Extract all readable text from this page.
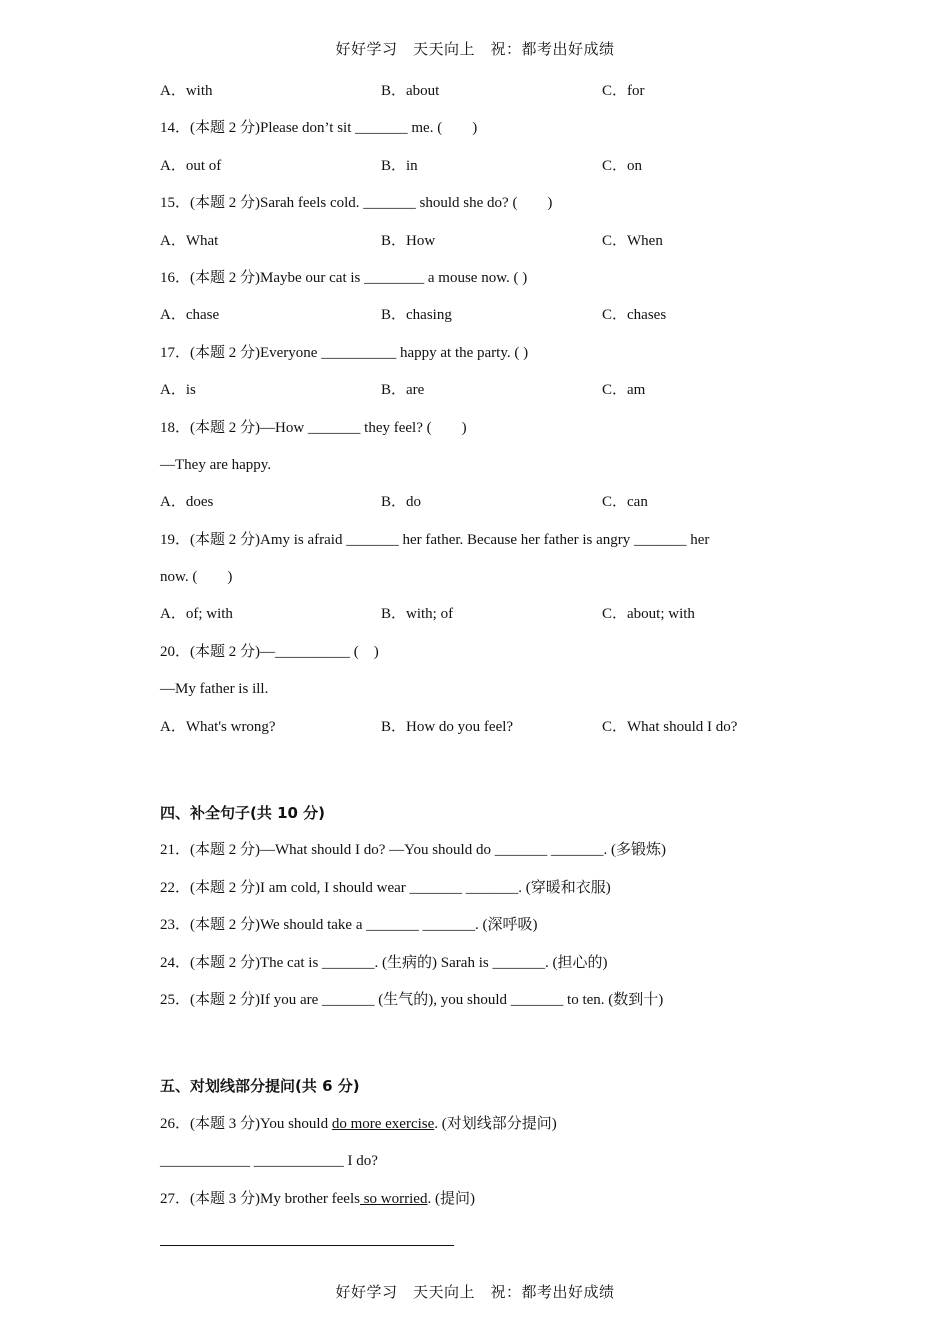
好好学习　天天向上　祝：都考出好成绩
A．with	B．about	C．for
14．(本题 2 分)Please don’t sit _______ me. (　　)
A．out of	B．in	C．on
15．(本题 2 分)Sarah feels cold. _______ should she do? (　　)
A．What	B．How	C．When
16．(本题 2 分)Maybe our cat is ________ a mouse now. ( )
A．chase	B．chasing	C．chases
17．(本题 2 分)Everyone __________ happy at the party. ( )
A．is	B．are	C．am
18．(本题 2 分)—How _______ they feel? (　　)
—They are happy.
A．does	B．do	C．can
19．(本题 2 分)Amy is afraid _______ her father. Because her father is angry _______ her
now. (　　)
A．of; with	B．with; of	C．about; with
20．(本题 2 分)—__________ (　)
—My father is ill.
A．What's wrong?	B．How do you feel?	C．What should I do?
四、补全句子(共 10 分)
21．(本题 2 分)—What should I do? —You should do _______ _______. (多锻炼)
22．(本题 2 分)I am cold, I should wear _______ _______. (穿暖和衣服)
23．(本题 2 分)We should take a _______ _______. (深呼吸)
24．(本题 2 分)The cat is _______. (生病的) Sarah is _______. (担心的)
25．(本题 2 分)If you are _______ (生气的), you should _______ to ten. (数到十)
五、对划线部分提问(共 6 分)
26．(本题 3 分)You should do more exercise. (对划线部分提问)
____________ ____________ I do?
27．(本题 3 分)My brother feels so worried. (提问)
好好学习　天天向上　祝：都考出好成绩
